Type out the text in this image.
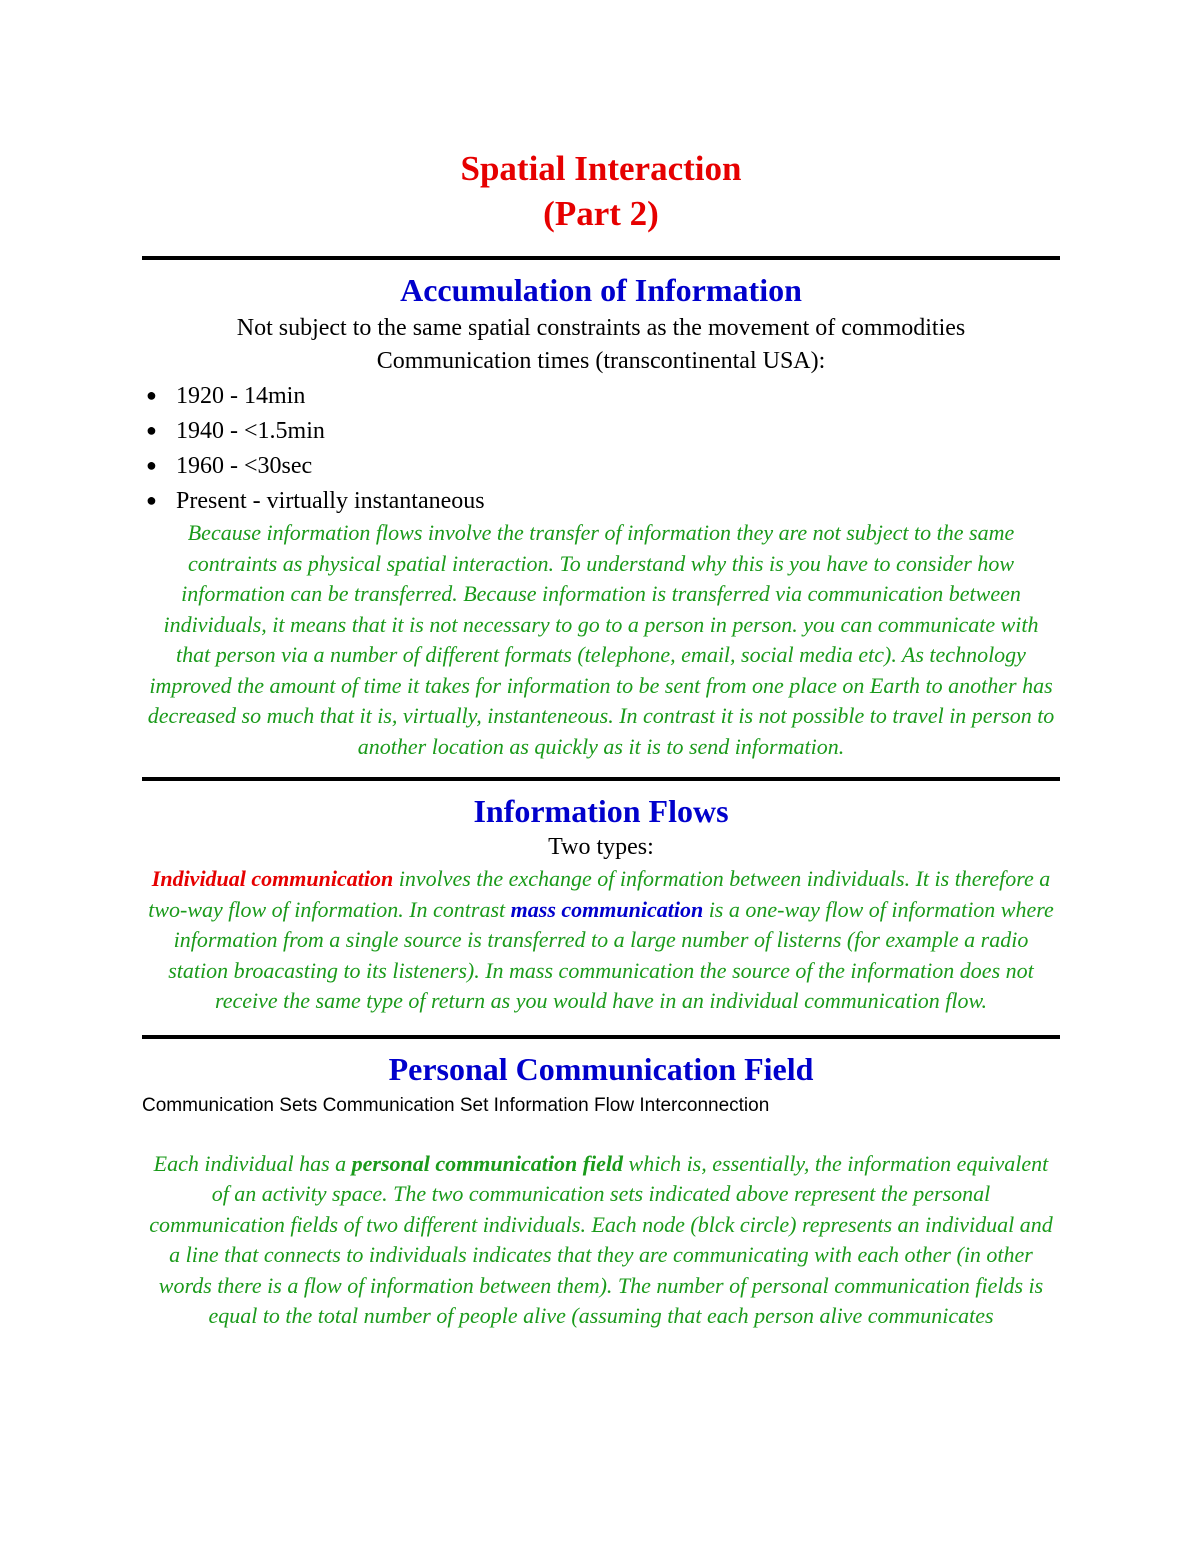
Spatial Interaction
(Part 2)
Accumulation of Information

Not subject to the same spatial constraints as the movement of commodities

Communication times (transcontinental USA):

● 1920 - 14min
● 1940 - <1.5min
● 1960 - <30sec
● Present - virtually instantaneous

Because information flows involve the transfer of information they are not subject to the same contraints as physical spatial interaction. To understand why this is you have to consider how information can be transferred. Because information is transferred via communication between individuals, it means that it is not necessary to go to a person in person. you can communicate with that person via a number of different formats (telephone, email, social media etc). As technology improved the amount of time it takes for information to be sent from one place on Earth to another has decreased so much that it is, virtually, instanteneous. In contrast it is not possible to travel in person to another location as quickly as it is to send information.

Information Flows

Two types:

Individual communication involves the exchange of information between individuals. It is therefore a two-way flow of information. In contrast mass communication is a one-way flow of information where information from a single source is transferred to a large number of listerns (for example a radio station broacasting to its listeners). In mass communication the source of the information does not receive the same type of return as you would have in an individual communication flow.

Personal Communication Field

Communication Sets Communication Set Information Flow Interconnection

Each individual has a personal communication field which is, essentially, the information equivalent of an activity space. The two communication sets indicated above represent the personal communication fields of two different individuals. Each node (blck circle) represents an individual and a line that connects to individuals indicates that they are communicating with each other (in other words there is a flow of information between them). The number of personal communication fields is equal to the total number of people alive (assuming that each person alive communicates
